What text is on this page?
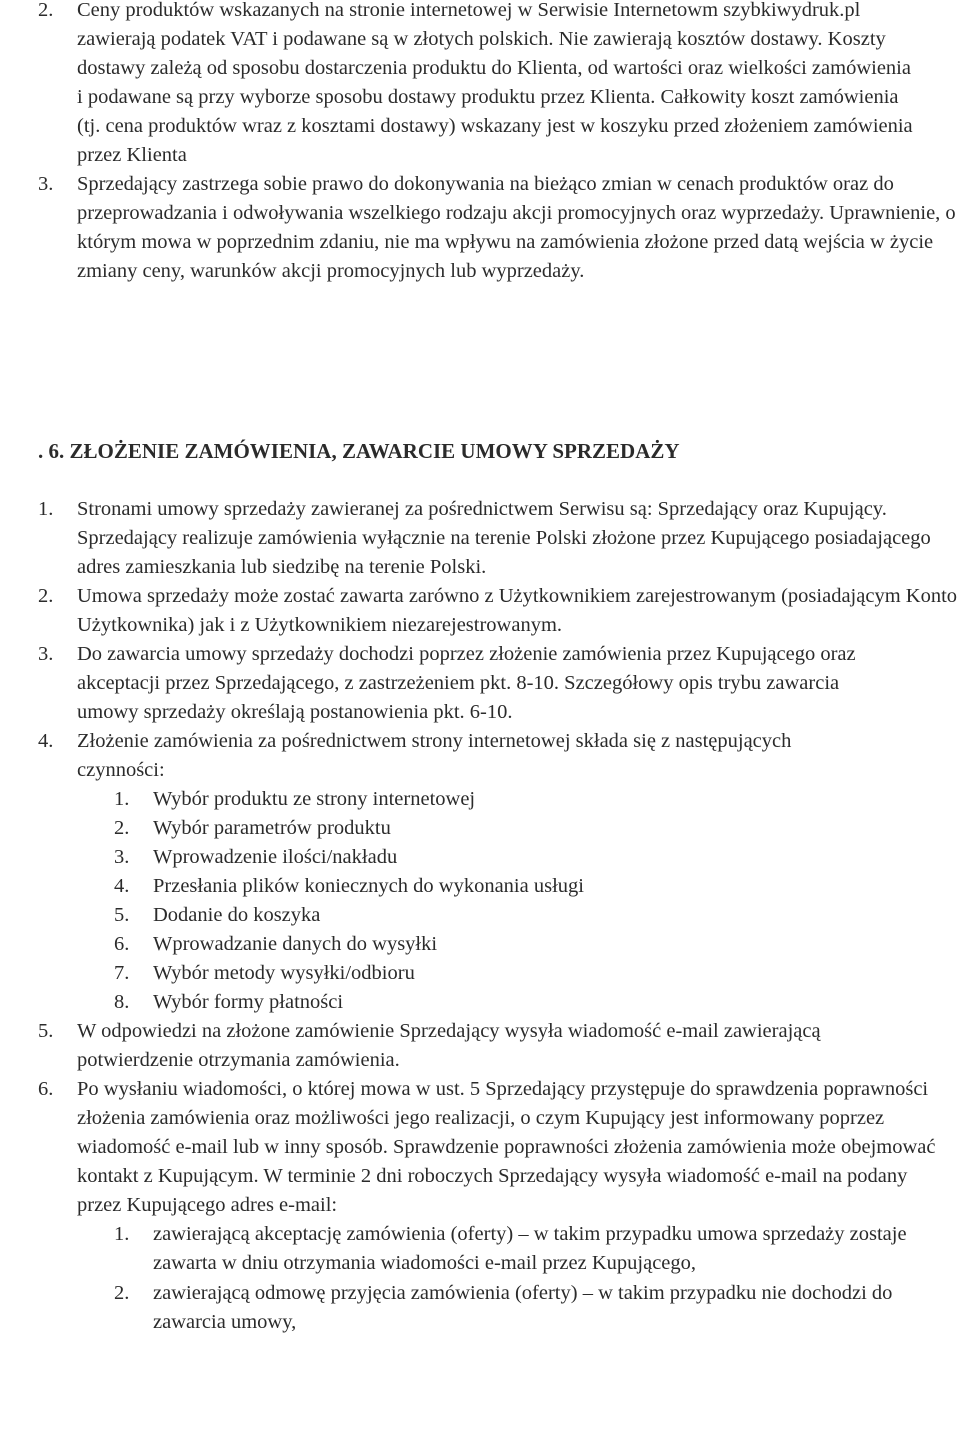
2. Ceny produktów wskazanych na stronie internetowej w Serwisie Internetowm szybkiwydruk.pl zawierają podatek VAT i podawane są w złotych polskich. Nie zawierają kosztów dostawy. Koszty dostawy zależą od sposobu dostarczenia produktu do Klienta, od wartości oraz wielkości zamówienia i podawane są przy wyborze sposobu dostawy produktu przez Klienta. Całkowity koszt zamówienia (tj. cena produktów wraz z kosztami dostawy) wskazany jest w koszyku przed złożeniem zamówienia przez Klienta
3. Sprzedający zastrzega sobie prawo do dokonywania na bieżąco zmian w cenach produktów oraz do przeprowadzania i odwoływania wszelkiego rodzaju akcji promocyjnych oraz wyprzedaży. Uprawnienie, o którym mowa w poprzednim zdaniu, nie ma wpływu na zamówienia złożone przed datą wejścia w życie zmiany ceny, warunków akcji promocyjnych lub wyprzedaży.
. 6. ZŁOŻENIE ZAMÓWIENIA, ZAWARCIE UMOWY SPRZEDAŻY
1. Stronami umowy sprzedaży zawieranej za pośrednictwem Serwisu są: Sprzedający oraz Kupujący. Sprzedający realizuje zamówienia wyłącznie na terenie Polski złożone przez Kupującego posiadającego adres zamieszkania lub siedzibę na terenie Polski.
2. Umowa sprzedaży może zostać zawarta zarówno z Użytkownikiem zarejestrowanym (posiadającym Konto Użytkownika) jak i z Użytkownikiem niezarejestrowanym.
3. Do zawarcia umowy sprzedaży dochodzi poprzez złożenie zamówienia przez Kupującego oraz akceptacji przez Sprzedającego, z zastrzeżeniem pkt. 8-10. Szczegółowy opis trybu zawarcia umowy sprzedaży określają postanowienia pkt. 6-10.
4. Złożenie zamówienia za pośrednictwem strony internetowej składa się z następujących czynności:
1. Wybór produktu ze strony internetowej
2. Wybór parametrów produktu
3. Wprowadzenie ilości/nakładu
4. Przesłania plików koniecznych do wykonania usługi
5. Dodanie do koszyka
6. Wprowadzanie danych do wysyłki
7. Wybór metody wysyłki/odbioru
8. Wybór formy płatności
5. W odpowiedzi na złożone zamówienie Sprzedający wysyła wiadomość e-mail zawierającą potwierdzenie otrzymania zamówienia.
6. Po wysłaniu wiadomości, o której mowa w ust. 5 Sprzedający przystępuje do sprawdzenia poprawności złożenia zamówienia oraz możliwości jego realizacji, o czym Kupujący jest informowany poprzez wiadomość e-mail lub w inny sposób. Sprawdzenie poprawności złożenia zamówienia może obejmować kontakt z Kupującym. W terminie 2 dni roboczych Sprzedający wysyła wiadomość e-mail na podany przez Kupującego adres e-mail:
1. zawierającą akceptację zamówienia (oferty) – w takim przypadku umowa sprzedaży zostaje zawarta w dniu otrzymania wiadomości e-mail przez Kupującego,
2. zawierającą odmowę przyjęcia zamówienia (oferty) – w takim przypadku nie dochodzi do zawarcia umowy,
